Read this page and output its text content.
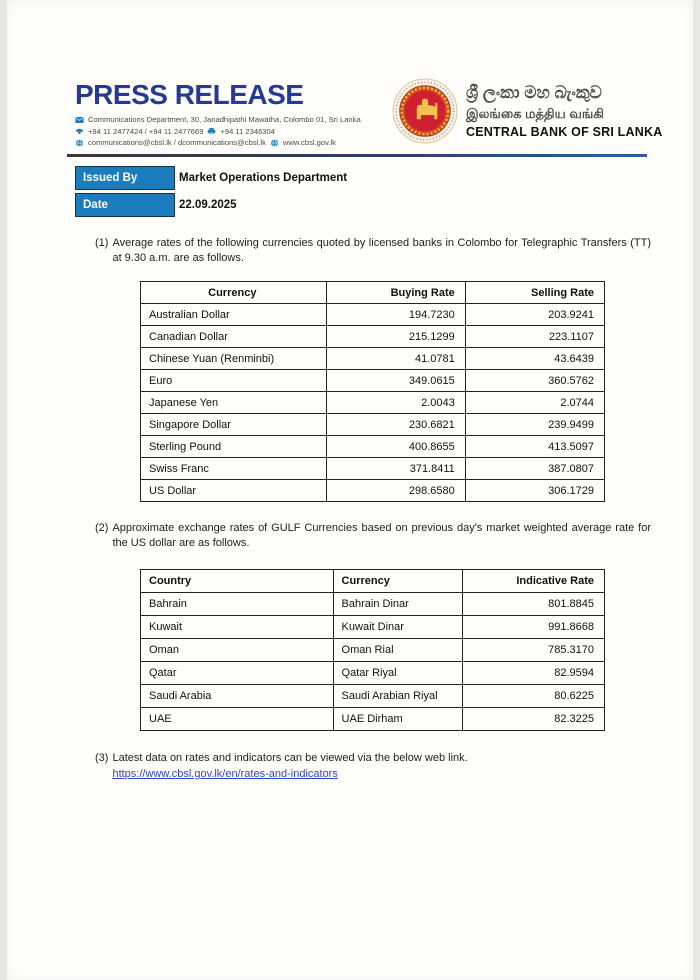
PRESS RELEASE
Communications Department, 30, Janadhipathi Mawatha, Colombo 01, Sri Lanka
+94 11 2477424 / +94 11 2477669 +94 11 2346304
communications@cbsl.lk / dcommunications@cbsl.lk www.cbsl.gov.lk
ශ්‍රී ලංකා මහ බැංකුව
இலங்கை மத்திய வங்கி
CENTRAL BANK OF SRI LANKA
Issued By	Market Operations Department
Date	22.09.2025
(1) Average rates of the following currencies quoted by licensed banks in Colombo for Telegraphic Transfers (TT) at 9.30 a.m. are as follows.
Currency	Buying Rate	Selling Rate
Australian Dollar	194.7230	203.9241
Canadian Dollar	215.1299	223.1107
Chinese Yuan (Renminbi)	41.0781	43.6439
Euro	349.0615	360.5762
Japanese Yen	2.0043	2.0744
Singapore Dollar	230.6821	239.9499
Sterling Pound	400.8655	413.5097
Swiss Franc	371.8411	387.0807
US Dollar	298.6580	306.1729
(2) Approximate exchange rates of GULF Currencies based on previous day's market weighted average rate for the US dollar are as follows.
Country	Currency	Indicative Rate
Bahrain	Bahrain Dinar	801.8845
Kuwait	Kuwait Dinar	991.8668
Oman	Oman Rial	785.3170
Qatar	Qatar Riyal	82.9594
Saudi Arabia	Saudi Arabian Riyal	80.6225
UAE	UAE Dirham	82.3225
(3) Latest data on rates and indicators can be viewed via the below web link.
https://www.cbsl.gov.lk/en/rates-and-indicators
